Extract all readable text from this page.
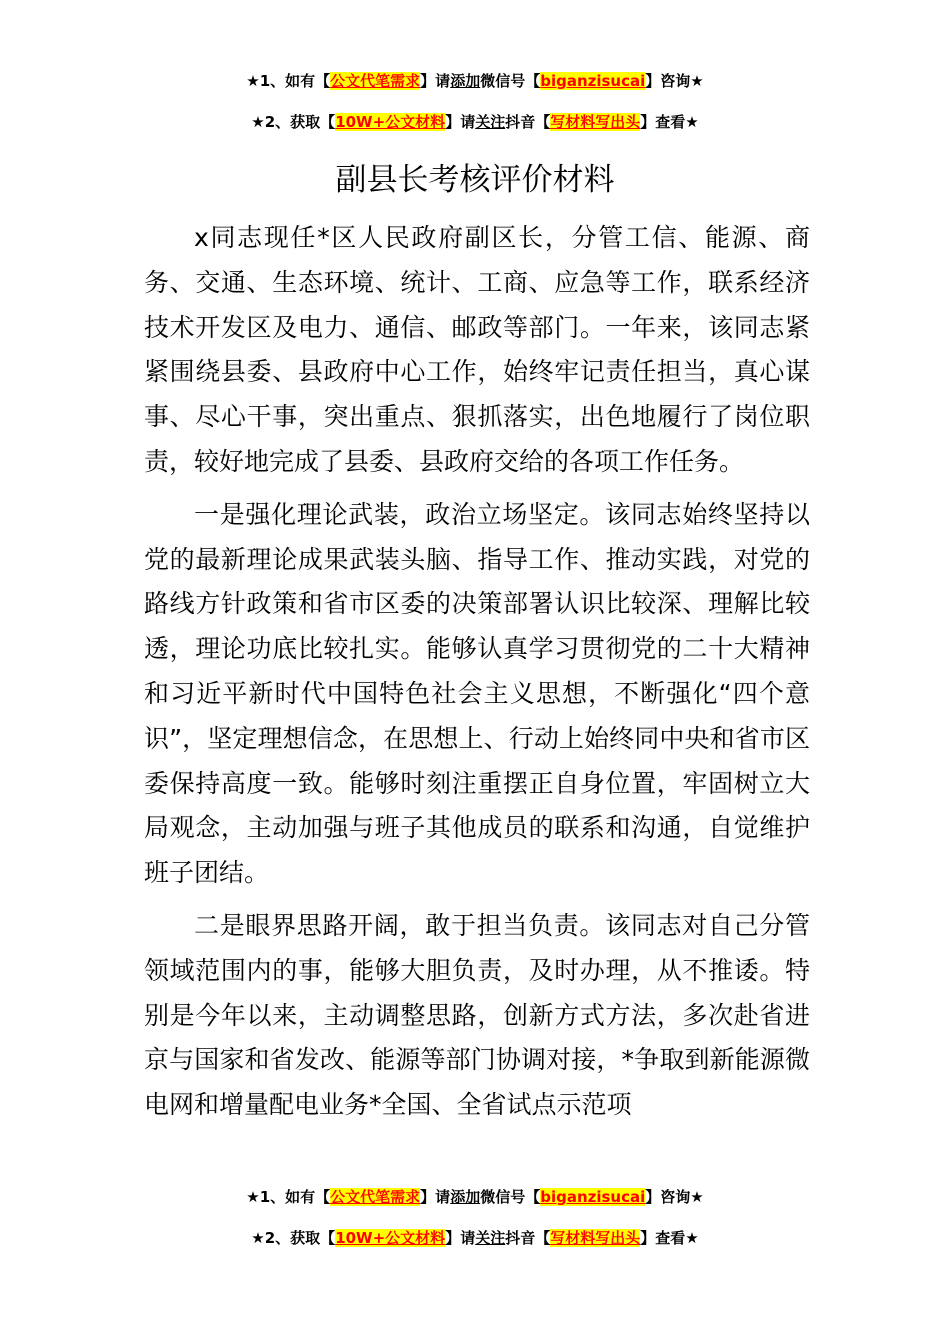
★1、如有【公文代笔需求】请添加微信号【biganzisucai】咨询★
★2、获取【10W+公文材料】请关注抖音【写材料写出头】查看★
副县长考核评价材料

x同志现任*区人民政府副区长，分管工信、能源、商务、交通、生态环境、统计、工商、应急等工作，联系经济技术开发区及电力、通信、邮政等部门。一年来，该同志紧紧围绕县委、县政府中心工作，始终牢记责任担当，真心谋事、尽心干事，突出重点、狠抓落实，出色地履行了岗位职责，较好地完成了县委、县政府交给的各项工作任务。

一是强化理论武装，政治立场坚定。该同志始终坚持以党的最新理论成果武装头脑、指导工作、推动实践，对党的路线方针政策和省市区委的决策部署认识比较深、理解比较透，理论功底比较扎实。能够认真学习贯彻党的二十大精神和习近平新时代中国特色社会主义思想，不断强化“四个意识”，坚定理想信念，在思想上、行动上始终同中央和省市区委保持高度一致。能够时刻注重摆正自身位置，牢固树立大局观念，主动加强与班子其他成员的联系和沟通，自觉维护班子团结。

二是眼界思路开阔，敢于担当负责。该同志对自己分管领域范围内的事，能够大胆负责，及时办理，从不推诿。特别是今年以来，主动调整思路，创新方式方法，多次赴省进京与国家和省发改、能源等部门协调对接，*争取到新能源微电网和增量配电业务*全国、全省试点示范项

★1、如有【公文代笔需求】请添加微信号【biganzisucai】咨询★
★2、获取【10W+公文材料】请关注抖音【写材料写出头】查看★
